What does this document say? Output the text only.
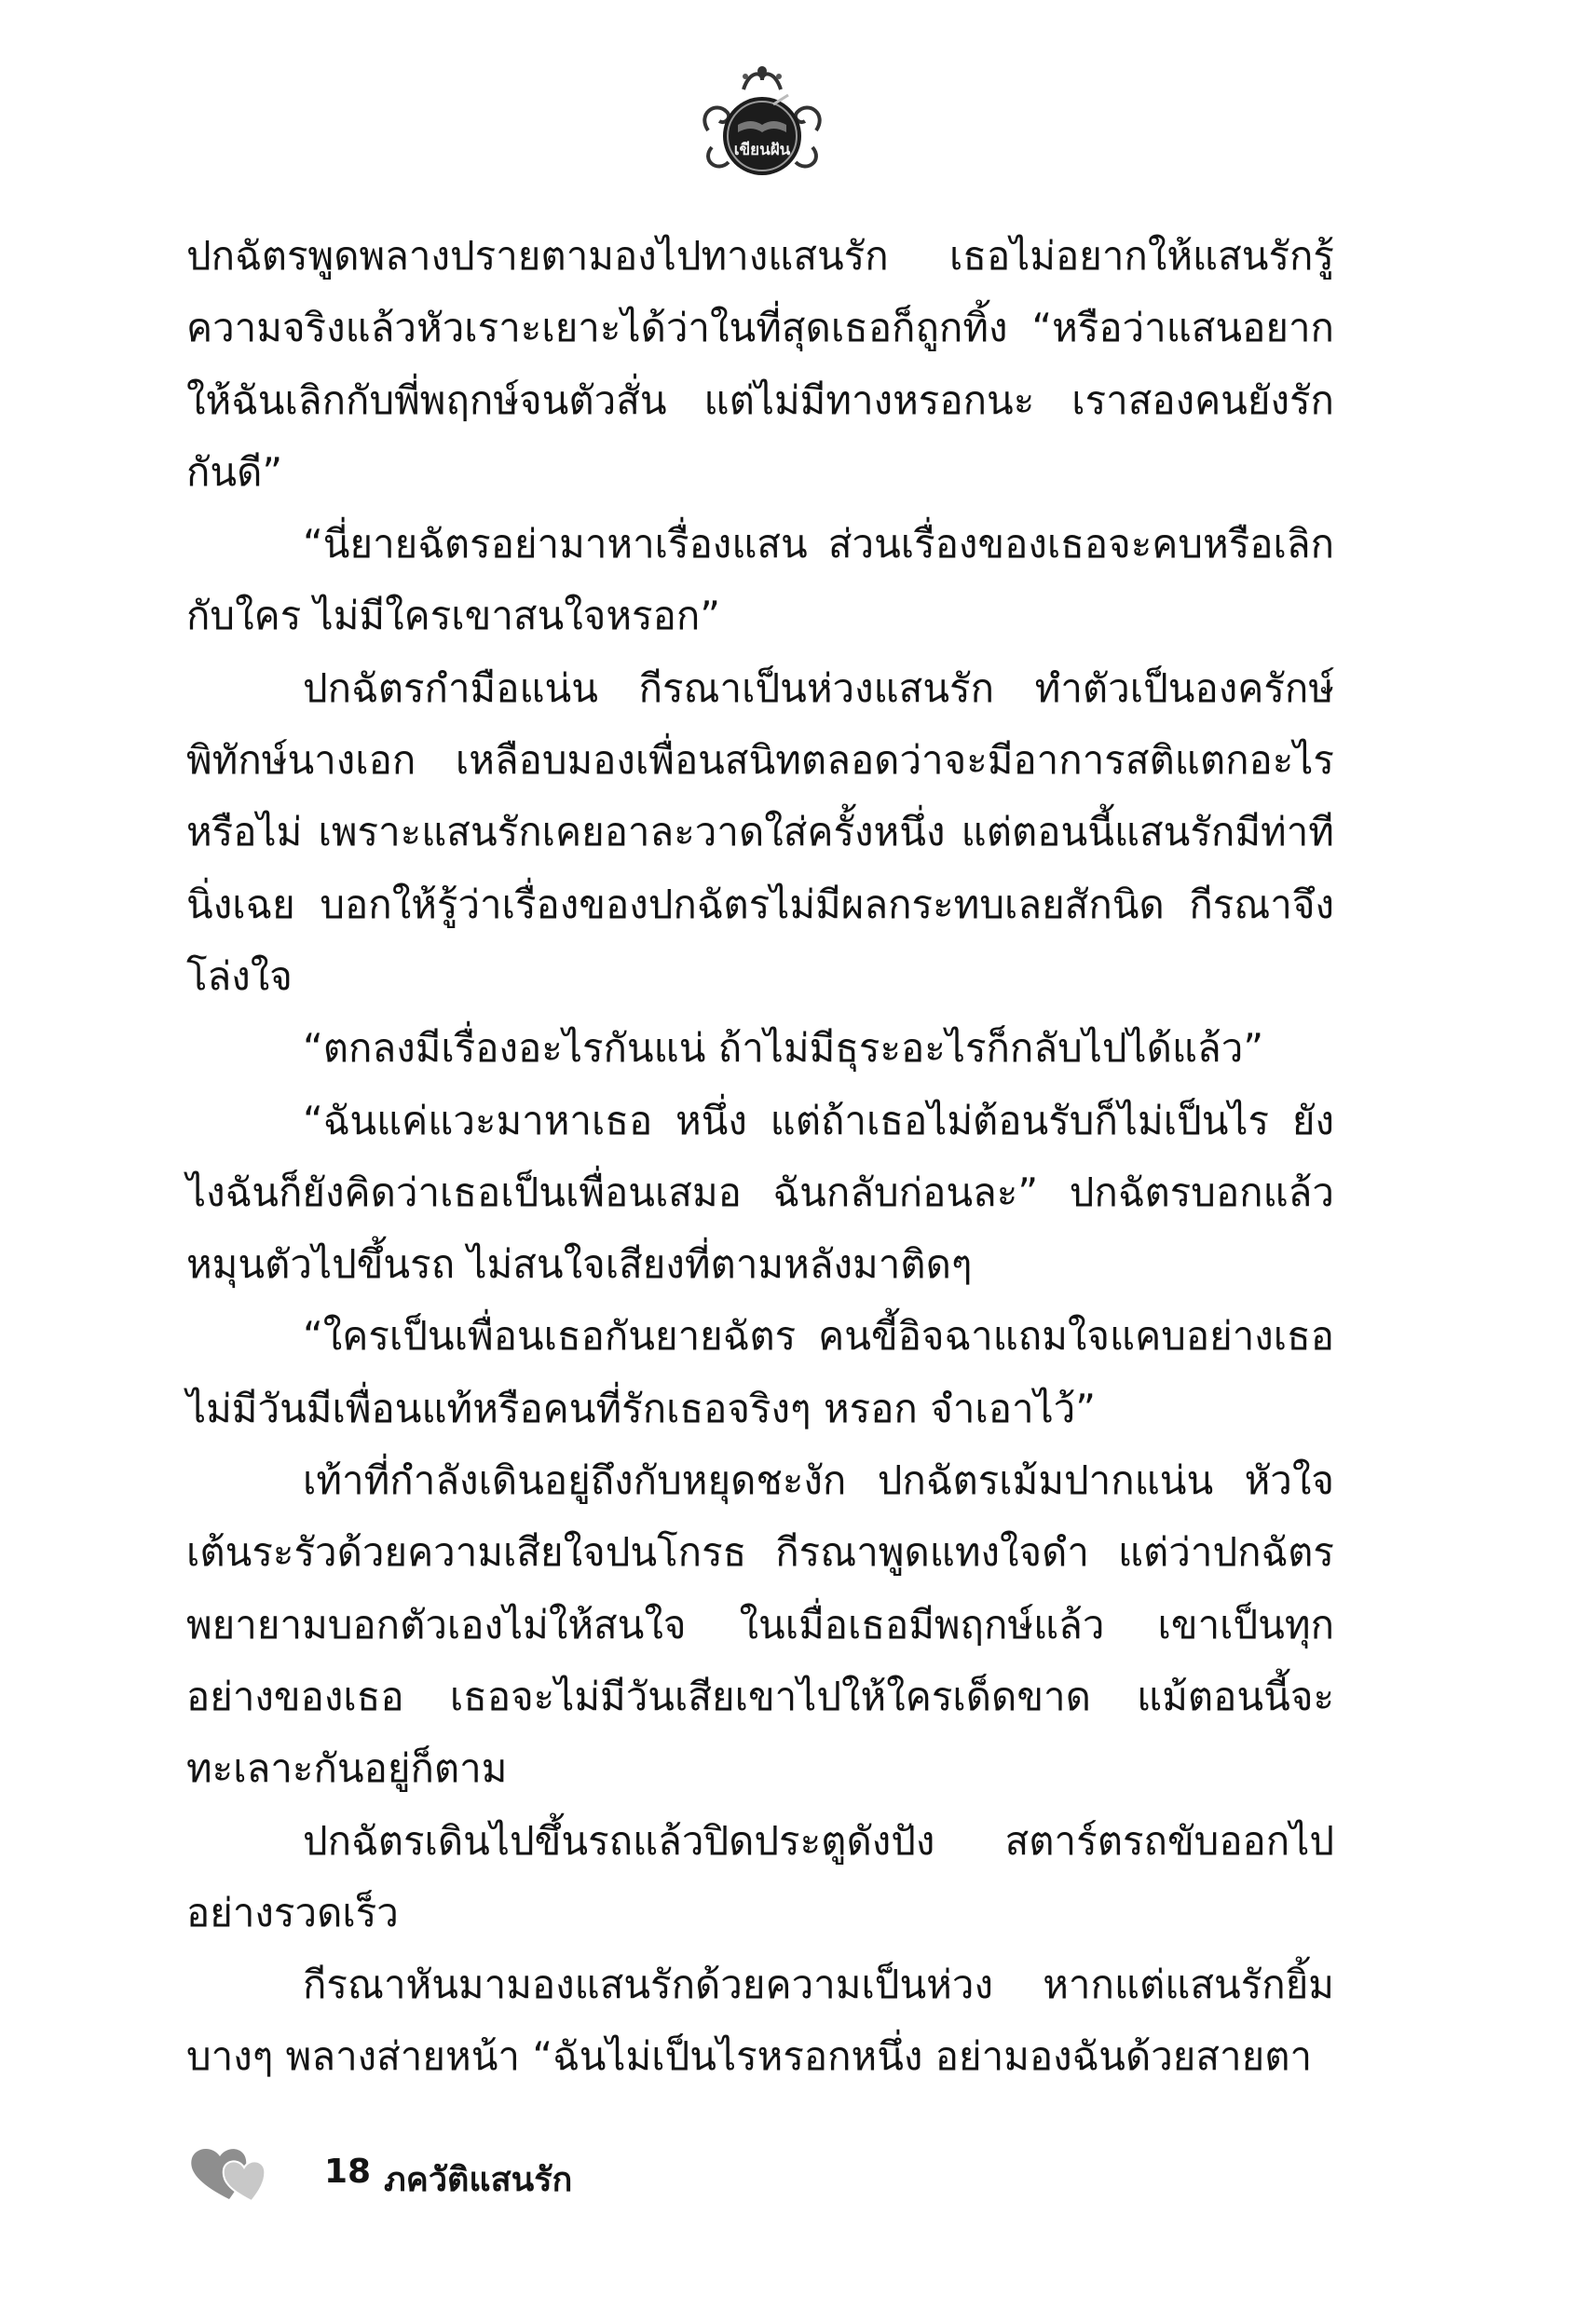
เขียนฝัน

ปกฉัตรพูดพลางปรายตามองไปทางแสนรัก เธอไม่อยากให้แสนรักรู้ความจริงแล้วหัวเราะเยาะได้ว่าในที่สุดเธอก็ถูกทิ้ง “หรือว่าแสนอยากให้ฉันเลิกกับพี่พฤกษ์จนตัวสั่น แต่ไม่มีทางหรอกนะ เราสองคนยังรักกันดี”

“นี่ยายฉัตรอย่ามาหาเรื่องแสน ส่วนเรื่องของเธอจะคบหรือเลิกกับใคร ไม่มีใครเขาสนใจหรอก”

ปกฉัตรกำมือแน่น กีรณาเป็นห่วงแสนรัก ทำตัวเป็นองครักษ์พิทักษ์นางเอก เหลือบมองเพื่อนสนิทตลอดว่าจะมีอาการสติแตกอะไรหรือไม่ เพราะแสนรักเคยอาละวาดใส่ครั้งหนึ่ง แต่ตอนนี้แสนรักมีท่าทีนิ่งเฉย บอกให้รู้ว่าเรื่องของปกฉัตรไม่มีผลกระทบเลยสักนิด กีรณาจึงโล่งใจ

“ตกลงมีเรื่องอะไรกันแน่ ถ้าไม่มีธุระอะไรก็กลับไปได้แล้ว”

“ฉันแค่แวะมาหาเธอ หนึ่ง แต่ถ้าเธอไม่ต้อนรับก็ไม่เป็นไร ยังไงฉันก็ยังคิดว่าเธอเป็นเพื่อนเสมอ ฉันกลับก่อนละ” ปกฉัตรบอกแล้วหมุนตัวไปขึ้นรถ ไม่สนใจเสียงที่ตามหลังมาติดๆ

“ใครเป็นเพื่อนเธอกันยายฉัตร คนขี้อิจฉาแถมใจแคบอย่างเธอไม่มีวันมีเพื่อนแท้หรือคนที่รักเธอจริงๆ หรอก จำเอาไว้”

เท้าที่กำลังเดินอยู่ถึงกับหยุดชะงัก ปกฉัตรเม้มปากแน่น หัวใจเต้นระรัวด้วยความเสียใจปนโกรธ กีรณาพูดแทงใจดำ แต่ว่าปกฉัตรพยายามบอกตัวเองไม่ให้สนใจ ในเมื่อเธอมีพฤกษ์แล้ว เขาเป็นทุกอย่างของเธอ เธอจะไม่มีวันเสียเขาไปให้ใครเด็ดขาด แม้ตอนนี้จะทะเลาะกันอยู่ก็ตาม

ปกฉัตรเดินไปขึ้นรถแล้วปิดประตูดังปัง สตาร์ตรถขับออกไปอย่างรวดเร็ว

กีรณาหันมามองแสนรักด้วยความเป็นห่วง หากแต่แสนรักยิ้มบางๆ พลางส่ายหน้า “ฉันไม่เป็นไรหรอกหนึ่ง อย่ามองฉันด้วยสายตา

18 ภควัติแสนรัก
